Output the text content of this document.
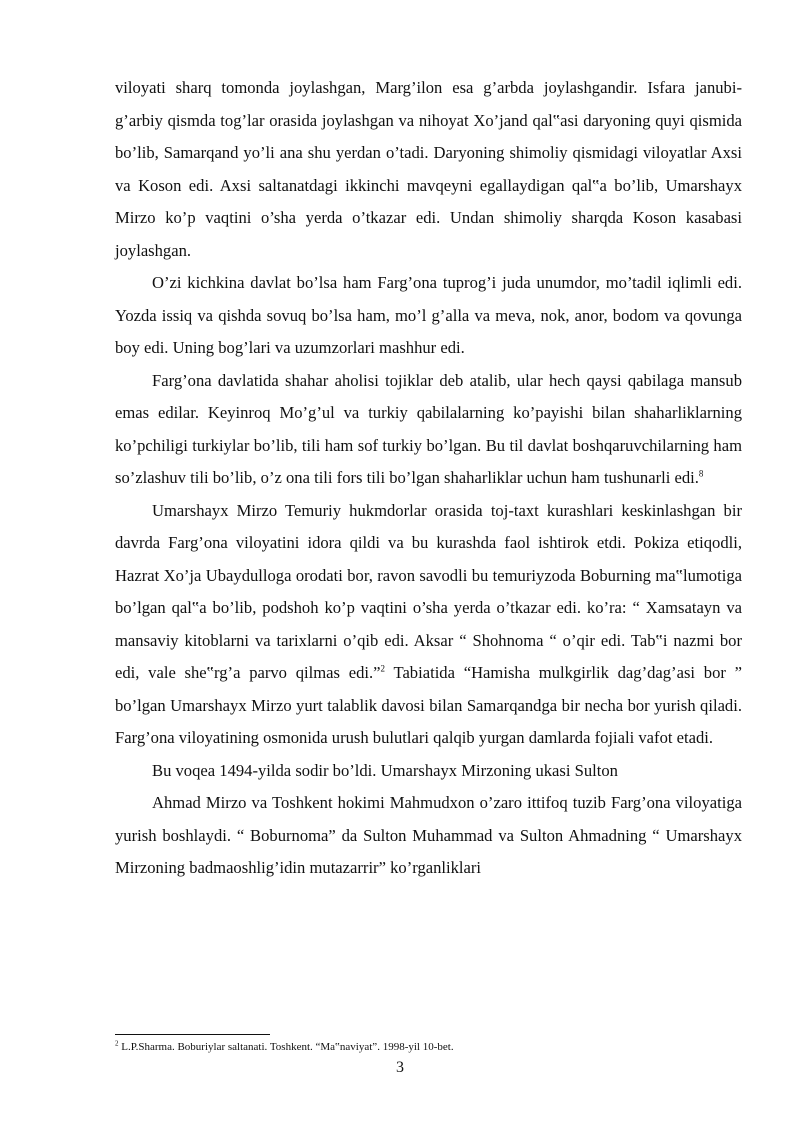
viloyati sharq tomonda joylashgan, Marg’ilon esa g’arbda joylashgandir. Isfara janubi- g’arbiy qismda tog’lar orasida joylashgan va nihoyat Xo’jand qal‟asi daryoning quyi qismida bo’lib, Samarqand yo’li ana shu yerdan o’tadi. Daryoning shimoliy qismidagi viloyatlar Axsi va Koson edi. Axsi saltanatdagi ikkinchi mavqeyni egallaydigan qal‟a bo’lib, Umarshayx Mirzo ko’p vaqtini o’sha yerda o’tkazar edi. Undan shimoliy sharqda Koson kasabasi joylashgan.

O’zi kichkina davlat bo’lsa ham Farg’ona tuprog’i juda unumdor, mo’tadil iqlimli edi. Yozda issiq va qishda sovuq bo’lsa ham, mo’l g’alla va meva, nok, anor, bodom va qovunga boy edi. Uning bog’lari va uzumzorlari mashhur edi.

Farg’ona davlatida shahar aholisi tojiklar deb atalib, ular hech qaysi qabilaga mansub emas edilar. Keyinroq Mo’g’ul va turkiy qabilalarning ko’payishi bilan shaharliklarning ko’pchiligi turkiylar bo’lib, tili ham sof turkiy bo’lgan. Bu til davlat boshqaruvchilarning ham so’zlashuv tili bo’lib, o’z ona tili fors tili bo’lgan shaharliklar uchun ham tushunarli edi.$^8$

Umarshayx Mirzo Temuriy hukmdorlar orasida toj-taxt kurashlari keskinlashgan bir davrda Farg’ona viloyatini idora qildi va bu kurashda faol ishtirok etdi. Pokiza etiqodli, Hazrat Xo’ja Ubaydulloga orodati bor, ravon savodli bu temuriyzoda Boburning ma‟lumotiga bo’lgan qal‟a bo’lib, podshoh ko’p vaqtini o’sha yerda o’tkazar edi. ko’ra: “ Xamsatayn va mansaviy kitoblarni va tarixlarni o’qib edi. Aksar “ Shohnoma “ o’qir edi. Tab‟i nazmi bor edi, vale she‟rg’a parvo qilmas edi.”$^2$ Tabiatida “Hamisha mulkgirlik dag’dag’asi bor ” bo’lgan Umarshayx Mirzo yurt talablik davosi bilan Samarqandga bir necha bor yurish qiladi. Farg’ona viloyatining osmonida urush bulutlari qalqib yurgan damlarda fojiali vafot etadi.

Bu voqea 1494-yilda sodir bo’ldi. Umarshayx Mirzoning ukasi Sulton

Ahmad Mirzo va Toshkent hokimi Mahmudxon o’zaro ittifoq tuzib Farg’ona viloyatiga yurish boshlaydi. “ Boburnoma” da Sulton Muhammad va Sulton Ahmadning “ Umarshayx Mirzoning badmaoshlig’idin mutazarrir” ko’rganliklari

$^2$ L.P.Sharma. Boburiylar saltanati. Toshkent. “Ma‟naviyat”. 1998-yil 10-bet.
3
